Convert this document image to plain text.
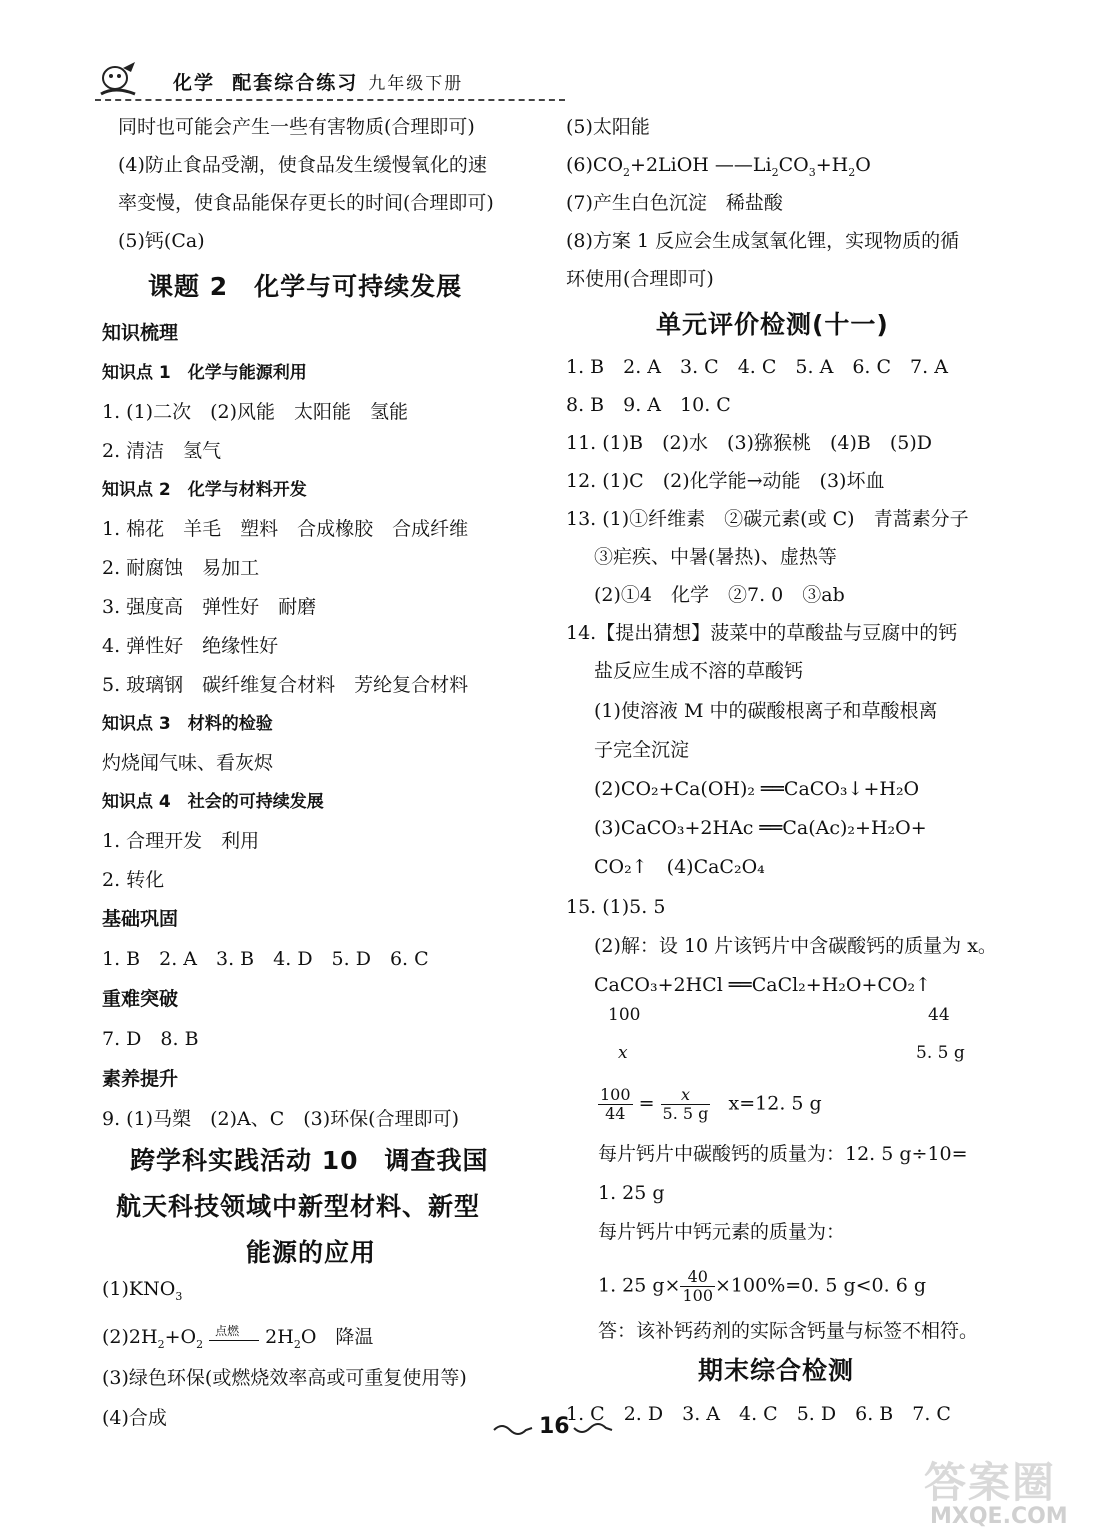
化学 配套综合练习 九年级下册
同时也可能会产生一些有害物质(合理即可)
(4)防止食品受潮，使食品发生缓慢氧化的速
率变慢，使食品能保存更长的时间(合理即可)
(5)钙(Ca)
课题 2　化学与可持续发展
知识梳理
知识点 1　化学与能源利用
1. (1)二次　(2)风能　太阳能　氢能
2. 清洁　氢气
知识点 2　化学与材料开发
1. 棉花　羊毛　塑料　合成橡胶　合成纤维
2. 耐腐蚀　易加工
3. 强度高　弹性好　耐磨
4. 弹性好　绝缘性好
5. 玻璃钢　碳纤维复合材料　芳纶复合材料
知识点 3　材料的检验
灼烧闻气味、看灰烬
知识点 4　社会的可持续发展
1. 合理开发　利用
2. 转化
基础巩固
1. B　2. A　3. B　4. D　5. D　6. C
重难突破
7. D　8. B
素养提升
9. (1)马槊　(2)A、C　(3)环保(合理即可)
跨学科实践活动 10　调查我国
航天科技领域中新型材料、新型
能源的应用
$(1)KNO_3$
$(2)2H_2+O_2$
点燃 $2H_2O$　降温
(3)绿色环保(或燃烧效率高或可重复使用等)
(4)合成
(5)太阳能
$(6)CO_2+2LiOH$ $——Li_2CO_3+H_2O$
(7)产生白色沉淀　稀盐酸
(8)方案 1 反应会生成氢氧化锂，实现物质的循
环使用(合理即可)
单元评价检测(十一)
1. B　2. A　3. C　4. C　5. A　6. C　7. A
8. B　9. A　10. C
11. (1)B　(2)水　(3)猕猴桃　(4)B　(5)D
12. (1)C　(2)化学能→动能　(3)坏血
13. (1)①纤维素　②碳元素(或 C)　青蒿素分子
③疟疾、中暑(暑热)、虚热等
(2)①4　化学　②7. 0　③ab
14.【提出猜想】菠菜中的草酸盐与豆腐中的钙
盐反应生成不溶的草酸钙
(1)使溶液 M 中的碳酸根离子和草酸根离
子完全沉淀
(2)CO₂+Ca(OH)₂ ══CaCO₃↓+H₂O
(3)CaCO₃+2HAc ══Ca(Ac)₂+H₂O+
CO₂↑　(4)CaC₂O₄
15. (1)5. 5
(2)解：设 10 片该钙片中含碳酸钙的质量为 x。
CaCO₃+2HCl ══CaCl₂+H₂O+CO₂↑
100	44
x	5. 5 g
$\frac{100}{44} = \frac{x}{5. 5 g} x=12$. 5 g
每片钙片中碳酸钙的质量为：12. 5 g÷10=
1. 25 g
每片钙片中钙元素的质量为：
1. 25 $g\times \frac{40}{100} \times 100\%=0$. 5 g<0. 6 g
答：该补钙药剂的实际含钙量与标签不相符。
期末综合检测
1. C　2. D　3. A　4. C　5. D　6. B　7. C
16
答案圈
MXQE.COM
